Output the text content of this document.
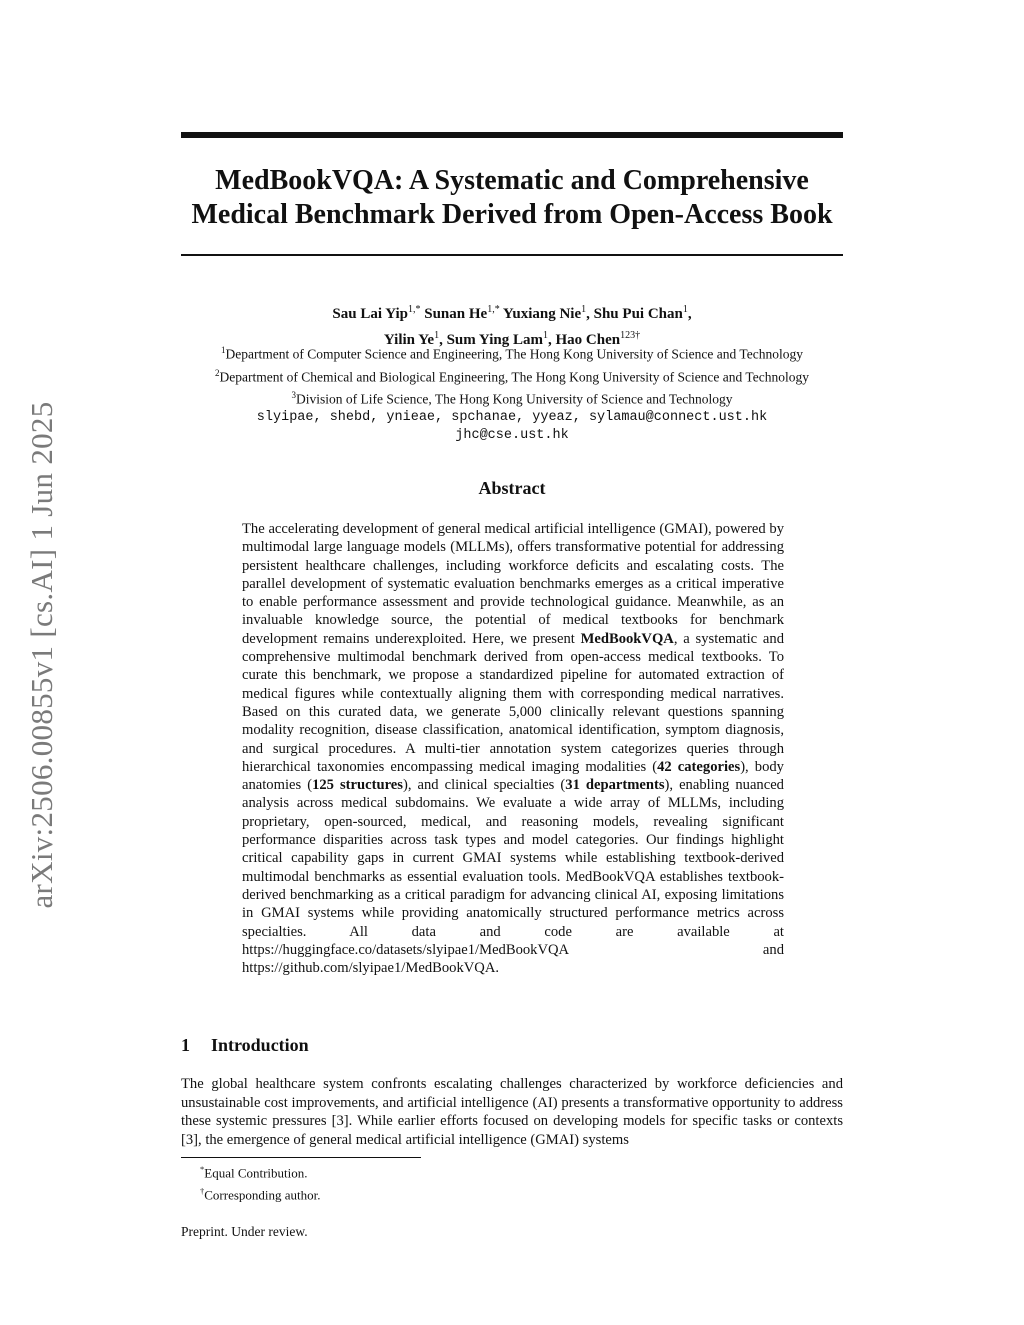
arXiv:2506.00855v1 [cs.AI] 1 Jun 2025
MedBookVQA: A Systematic and Comprehensive
Medical Benchmark Derived from Open-Access Book
Sau Lai Yip$^{1,*}$ Sunan $He^{1,*}$ Yuxiang Nie$^1$, Shu Pui Chan$^1$,
Yilin Ye$^1$, Sum Ying Lam$^1$, Hao Chen$^{123\dagger}$
$^1$Department of Computer Science and Engineering, The Hong Kong University of Science and Technology
$^2$Department of Chemical and Biological Engineering, The Hong Kong University of Science and Technology
$^3$Division of Life Science, The Hong Kong University of Science and Technology
slyipae, shebd, ynieae, spchanae, yyeaz, sylamau@connect.ust.hk
jhc@cse.ust.hk
Abstract
The accelerating development of general medical artificial intelligence (GMAI), powered by multimodal large language models (MLLMs), offers transformative potential for addressing persistent healthcare challenges, including workforce deficits and escalating costs. The parallel development of systematic evaluation benchmarks emerges as a critical imperative to enable performance assessment and provide technological guidance. Meanwhile, as an invaluable knowledge source, the potential of medical textbooks for benchmark development remains underexploited. Here, we present MedBookVQA, a systematic and comprehensive multimodal benchmark derived from open-access medical textbooks. To curate this benchmark, we propose a standardized pipeline for automated extraction of medical figures while contextually aligning them with corresponding medical narratives. Based on this curated data, we generate 5,000 clinically relevant questions spanning modality recognition, disease classification, anatomical identification, symptom diagnosis, and surgical procedures. A multi-tier annotation system categorizes queries through hierarchical taxonomies encompassing medical imaging modalities (42 categories), body anatomies (125 structures), and clinical specialties (31 departments), enabling nuanced analysis across medical subdomains. We evaluate a wide array of MLLMs, including proprietary, open-sourced, medical, and reasoning models, revealing significant performance disparities across task types and model categories. Our findings highlight critical capability gaps in current GMAI systems while establishing textbook-derived multimodal benchmarks as essential evaluation tools. MedBookVQA establishes textbook-derived benchmarking as a critical paradigm for advancing clinical AI, exposing limitations in GMAI systems while providing anatomically structured performance metrics across specialties. All data and code are available at https://huggingface.co/datasets/slyipae1/MedBookVQA and https://github.com/slyipae1/MedBookVQA.
1 Introduction
The global healthcare system confronts escalating challenges characterized by workforce deficiencies and unsustainable cost improvements, and artificial intelligence (AI) presents a transformative opportunity to address these systemic pressures [3]. While earlier efforts focused on developing models for specific tasks or contexts [3], the emergence of general medical artificial intelligence (GMAI) systems
*Equal Contribution.
†Corresponding author.
Preprint. Under review.
